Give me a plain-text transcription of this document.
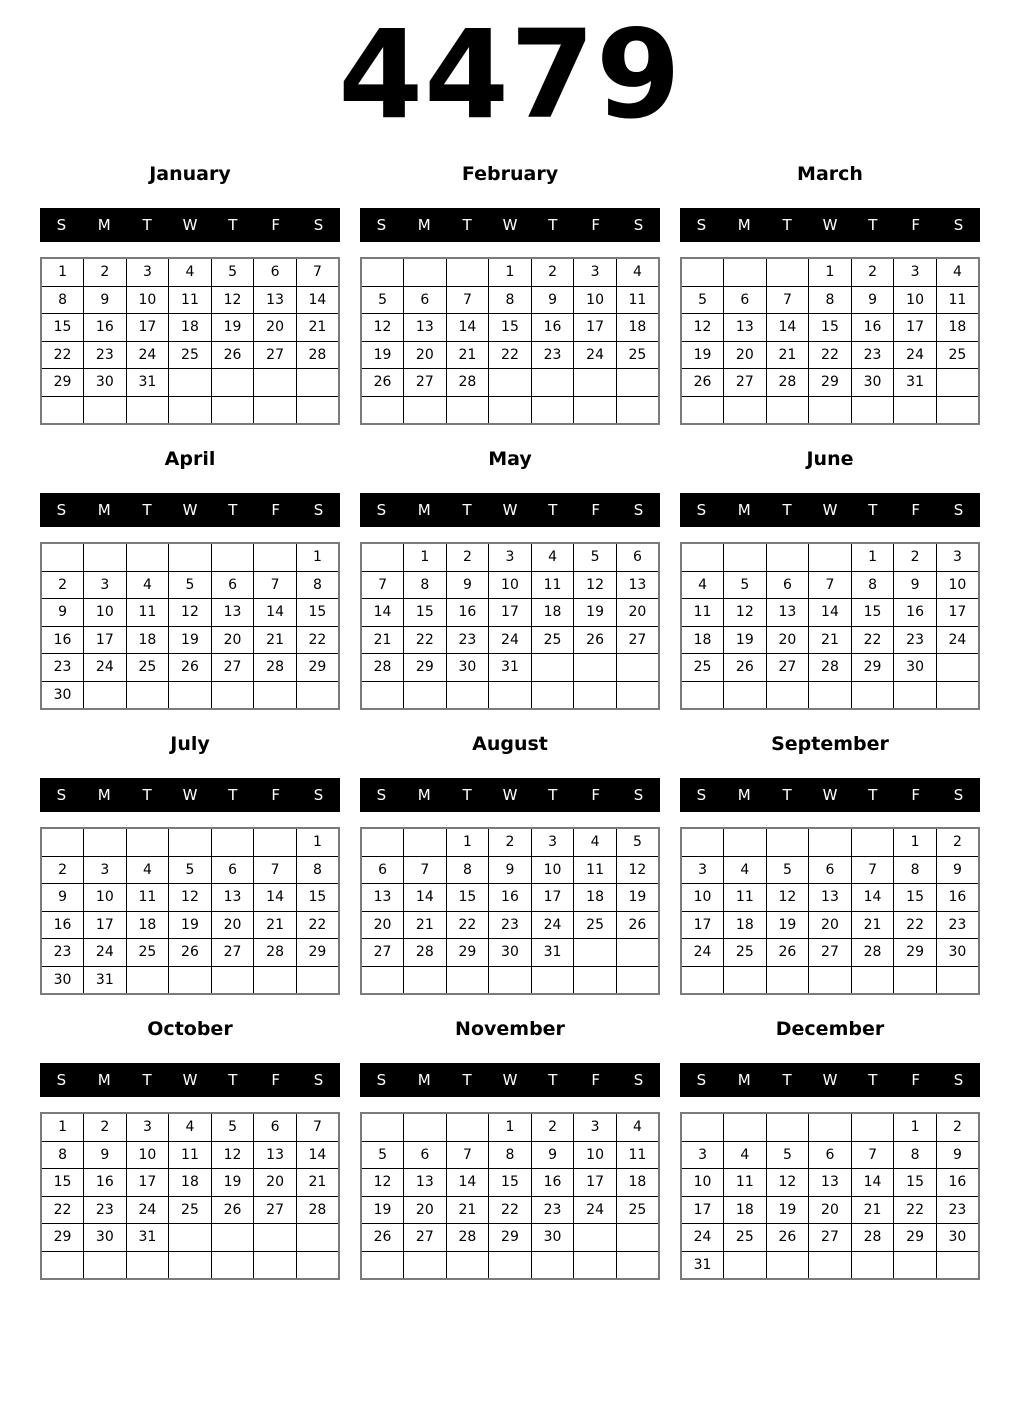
4479
January
S	M	T	W	T	F	S
1	2	3	4	5	6	7
8	9	10	11	12	13	14
15	16	17	18	19	20	21
22	23	24	25	26	27	28
29	30	31				

February
S	M	T	W	T	F	S
			1	2	3	4
5	6	7	8	9	10	11
12	13	14	15	16	17	18
19	20	21	22	23	24	25
26	27	28				

March
S	M	T	W	T	F	S
			1	2	3	4
5	6	7	8	9	10	11
12	13	14	15	16	17	18
19	20	21	22	23	24	25
26	27	28	29	30	31	

April
S	M	T	W	T	F	S
						1
2	3	4	5	6	7	8
9	10	11	12	13	14	15
16	17	18	19	20	21	22
23	24	25	26	27	28	29
30						
May
S	M	T	W	T	F	S
	1	2	3	4	5	6
7	8	9	10	11	12	13
14	15	16	17	18	19	20
21	22	23	24	25	26	27
28	29	30	31			

June
S	M	T	W	T	F	S
				1	2	3
4	5	6	7	8	9	10
11	12	13	14	15	16	17
18	19	20	21	22	23	24
25	26	27	28	29	30	

July
S	M	T	W	T	F	S
						1
2	3	4	5	6	7	8
9	10	11	12	13	14	15
16	17	18	19	20	21	22
23	24	25	26	27	28	29
30	31					
August
S	M	T	W	T	F	S
		1	2	3	4	5
6	7	8	9	10	11	12
13	14	15	16	17	18	19
20	21	22	23	24	25	26
27	28	29	30	31		

September
S	M	T	W	T	F	S
					1	2
3	4	5	6	7	8	9
10	11	12	13	14	15	16
17	18	19	20	21	22	23
24	25	26	27	28	29	30

October
S	M	T	W	T	F	S
1	2	3	4	5	6	7
8	9	10	11	12	13	14
15	16	17	18	19	20	21
22	23	24	25	26	27	28
29	30	31				

November
S	M	T	W	T	F	S
			1	2	3	4
5	6	7	8	9	10	11
12	13	14	15	16	17	18
19	20	21	22	23	24	25
26	27	28	29	30		

December
S	M	T	W	T	F	S
					1	2
3	4	5	6	7	8	9
10	11	12	13	14	15	16
17	18	19	20	21	22	23
24	25	26	27	28	29	30
31						
